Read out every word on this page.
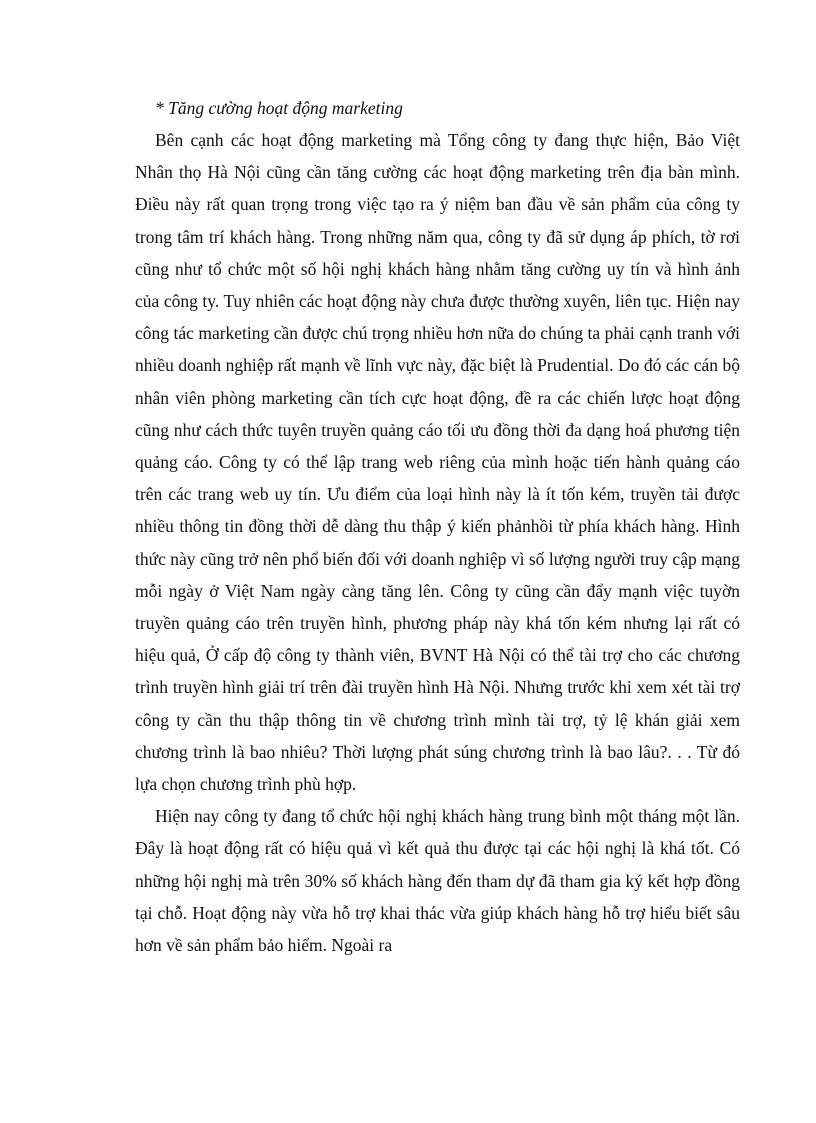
* Tăng cường hoạt động marketing

Bên cạnh các hoạt động marketing mà Tổng công ty đang thực hiện, Bảo Việt Nhân thọ Hà Nội cũng cần tăng cường các hoạt động marketing trên địa bàn mình. Điều này rất quan trọng trong việc tạo ra ý niệm ban đầu về sản phẩm của công ty trong tâm trí khách hàng. Trong những năm qua, công ty đã sử dụng áp phích, tờ rơi cũng như tổ chức một số hội nghị khách hàng nhằm tăng cường uy tín và hình ảnh của công ty. Tuy nhiên các hoạt động này chưa được thường xuyên, liên tục. Hiện nay công tác marketing cần được chú trọng nhiều hơn nữa do chúng ta phải cạnh tranh với nhiều doanh nghiệp rất mạnh về lĩnh vực này, đặc biệt là Prudential. Do đó các cán bộ nhân viên phòng marketing cần tích cực hoạt động, đề ra các chiến lược hoạt động cũng như cách thức tuyên truyền quảng cáo tối ưu đồng thời đa dạng hoá phương tiện quảng cáo. Công ty có thể lập trang web riêng của mình hoặc tiến hành quảng cáo trên các trang web uy tín. Ưu điểm của loại hình này là ít tốn kém, truyền tải được nhiều thông tin đồng thời dễ dàng thu thập ý kiến phảnhồi từ phía khách hàng. Hình thức này cũng trở nên phổ biến đối với doanh nghiệp vì số lượng người truy cập mạng mỗi ngày ở Việt Nam ngày càng tăng lên. Công ty cũng cần đẩy mạnh việc tuyờn truyền quảng cáo trên truyền hình, phương pháp này khá tốn kém nhưng lại rất có hiệu quả, Ở cấp độ công ty thành viên, BVNT Hà Nội có thể tài trợ cho các chương trình truyền hình giải trí trên đài truyền hình Hà Nội. Nhưng trước khi xem xét tài trợ công ty cần thu thập thông tin về chương trình mình tài trợ, tỷ lệ khán giải xem chương trình là bao nhiêu? Thời lượng phát súng chương trình là bao lâu?. . . Từ đó lựa chọn chương trình phù hợp.

Hiện nay công ty đang tổ chức hội nghị khách hàng trung bình một tháng một lần. Đây là hoạt động rất có hiệu quả vì kết quả thu được tại các hội nghị là khá tốt. Có những hội nghị mà trên 30% số khách hàng đến tham dự đã tham gia ký kết hợp đồng tại chỗ. Hoạt động này vừa hỗ trợ khai thác vừa giúp khách hàng hỗ trợ hiểu biết sâu hơn về sản phẩm bảo hiểm. Ngoài ra
